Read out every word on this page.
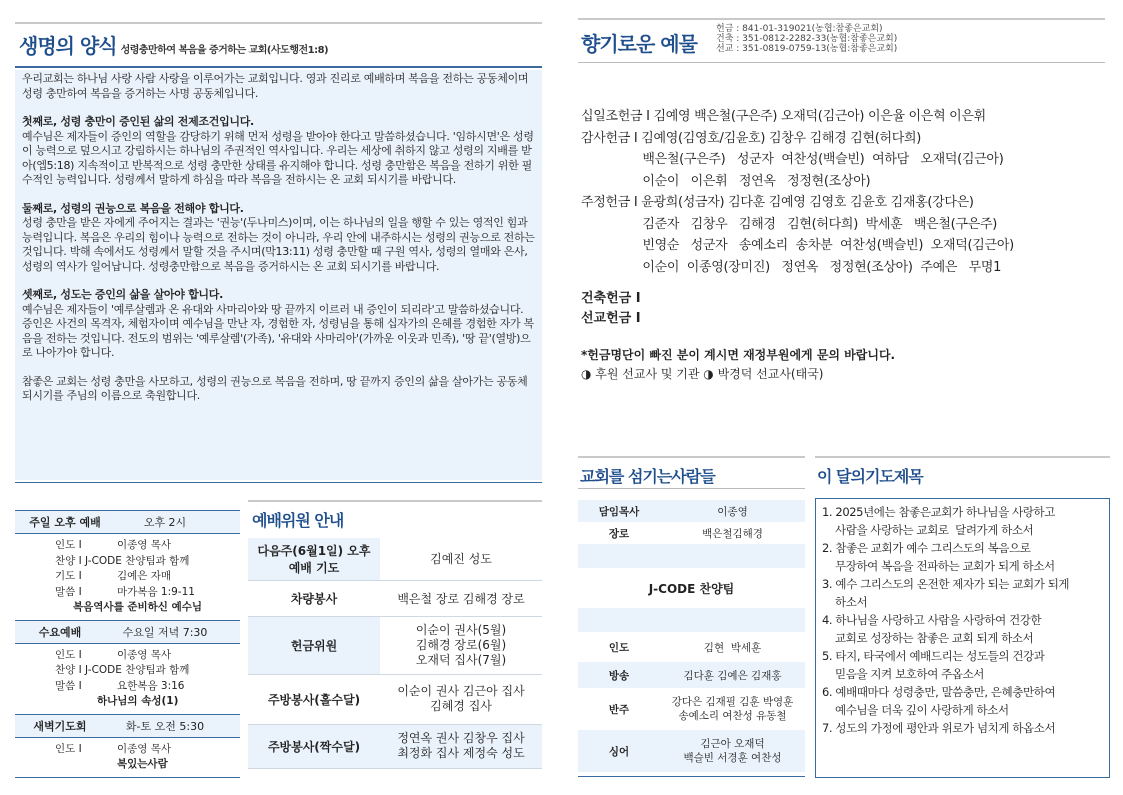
생명의 양식 성령충만하여 복음을 증거하는 교회(사도행전1:8)

우리교회는 하나님 사랑 사람 사랑을 이루어가는 교회입니다. 영과 진리로 예배하며 복음을 전하는 공동체이며 성령 충만하여 복음을 증거하는 사명 공동체입니다.

첫째로, 성령 충만이 증인된 삶의 전제조건입니다.

예수님은 제자들이 증인의 역할을 감당하기 위해 먼저 성령을 받아야 한다고 말씀하셨습니다. '임하시면'은 성령이 능력으로 덮으시고 강림하시는 하나님의 주권적인 역사입니다. 우리는 세상에 취하지 않고 성령의 지배를 받아(엡5:18) 지속적이고 반복적으로 성령 충만한 상태를 유지해야 합니다. 성령 충만함은 복음을 전하기 위한 필수적인 능력입니다. 성령께서 말하게 하심을 따라 복음을 전하시는 온 교회 되시기를 바랍니다.

둘째로, 성령의 권능으로 복음을 전해야 합니다.

성령 충만을 받은 자에게 주어지는 결과는 '권능'(두나미스)이며, 이는 하나님의 일을 행할 수 있는 영적인 힘과 능력입니다. 복음은 우리의 힘이나 능력으로 전하는 것이 아니라, 우리 안에 내주하시는 성령의 권능으로 전하는 것입니다. 박해 속에서도 성령께서 말할 것을 주시며(막13:11) 성령 충만할 때 구원 역사, 성령의 열매와 은사, 성령의 역사가 일어납니다. 성령충만함으로 복음을 증거하시는 온 교회 되시기를 바랍니다.

셋째로, 성도는 증인의 삶을 살아야 합니다.

예수님은 제자들이 '예루살렘과 온 유대와 사마리아와 땅 끝까지 이르러 내 증인이 되리라'고 말씀하셨습니다. 증인은 사건의 목격자, 체험자이며 예수님을 만난 자, 경험한 자, 성령님을 통해 십자가의 은혜를 경험한 자가 복음을 전하는 것입니다. 전도의 범위는 '예루살렘'(가족), '유대와 사마리아'(가까운 이웃과 민족), '땅 끝'(열방)으로 나아가야 합니다.

참좋은 교회는 성령 충만을 사모하고, 성령의 권능으로 복음을 전하며, 땅 끝까지 증인의 삶을 살아가는 공동체되시기를 주님의 이름으로 축원합니다.

주일 오후 예배	오후 2시
인도 I	이종영 목사
찬양 I J-CODE 찬양팀과 함께
기도 I	김예은 자매
말씀 I	마가복음 1:9-11
복음역사를 준비하신 예수님
수요예배	수요일 저녁 7:30
인도 I	이종영 목사
찬양 I J-CODE 찬양팀과 함께
말씀 I	요한복음 3:16
하나님의 속성(1)
새벽기도회	화-토 오전 5:30
인도 I	이종영 목사
복있는사람
예배위원 안내
다음주(6월1일) 오후예배 기도	김예진 성도
차량봉사	백은철 장로 김해경 장로
헌금위원	이순이 권사(5월)
김해경 장로(6월)
오재덕 집사(7월)
주방봉사(홀수달)	이순이 권사 김근아 집사
김혜경 집사
주방봉사(짝수달)	정연옥 권사 김창우 집사
최정화 집사 제정숙 성도
향기로운 예물
헌금 : 841-01-319021(농협:참좋은교회)
건축 : 351-0812-2282-33(농협:참좋은교회)
선교 : 351-0819-0759-13(농협:참좋은교회)
십일조헌금 I 김예영 백은철(구은주) 오재덕(김근아) 이은율 이은혁 이은휘
감사헌금 I 김예영(김영호/김윤호) 김창우 김해경 김현(허다희)
백은철(구은주)   성군자  여찬성(백슬빈)  여하담   오재덕(김근아)
이순이   이은휘   정연옥   정정현(조상아)
주정헌금 I 윤광희(성금자) 김다훈 김예영 김영호 김윤호 김재홍(강다은)
김준자   김창우   김해경   김현(허다희)  박세훈   백은철(구은주)
빈영순   성군자   송예소리  송차분  여찬성(백슬빈)  오재덕(김근아)
이순이  이종영(장미진)   정연옥   정정현(조상아)  주예은   무명1
건축헌금 I
선교헌금 I
*헌금명단이 빠진 분이 계시면 재정부원에게 문의 바랍니다.
◑ 후원 선교사 및 기관 ◑ 박경덕 선교사(태국)
교회를 섬기는사람들
담임목사	이종영
장로	백은철김해경

J-CODE 찬양팀	

인도	김현  박세훈
방송	김다훈 김예은 김재홍
반주	강다은 김재필 김훈 박영훈
송예소리 여찬성 유동철
싱어	김근아 오재덕
백슬빈 서경훈 여찬성
이 달의기도제목
1. 2025년에는 참좋은교회가 하나님을 사랑하고
사람을 사랑하는 교회로  달려가게 하소서
2. 참좋은 교회가 예수 그리스도의 복음으로
무장하여 복음을 전파하는 교회가 되게 하소서
3. 예수 그리스도의 온전한 제자가 되는 교회가 되게
하소서
4. 하나님을 사랑하고 사람을 사랑하여 건강한
교회로 성장하는 참좋은 교회 되게 하소서
5. 타지, 타국에서 예배드리는 성도들의 건강과
믿음을 지켜 보호하여 주옵소서
6. 예배때마다 성령충만, 말씀충만, 은혜충만하여
예수님을 더욱 깊이 사랑하게 하소서
7. 성도의 가정에 평안과 위로가 넘치게 하옵소서
